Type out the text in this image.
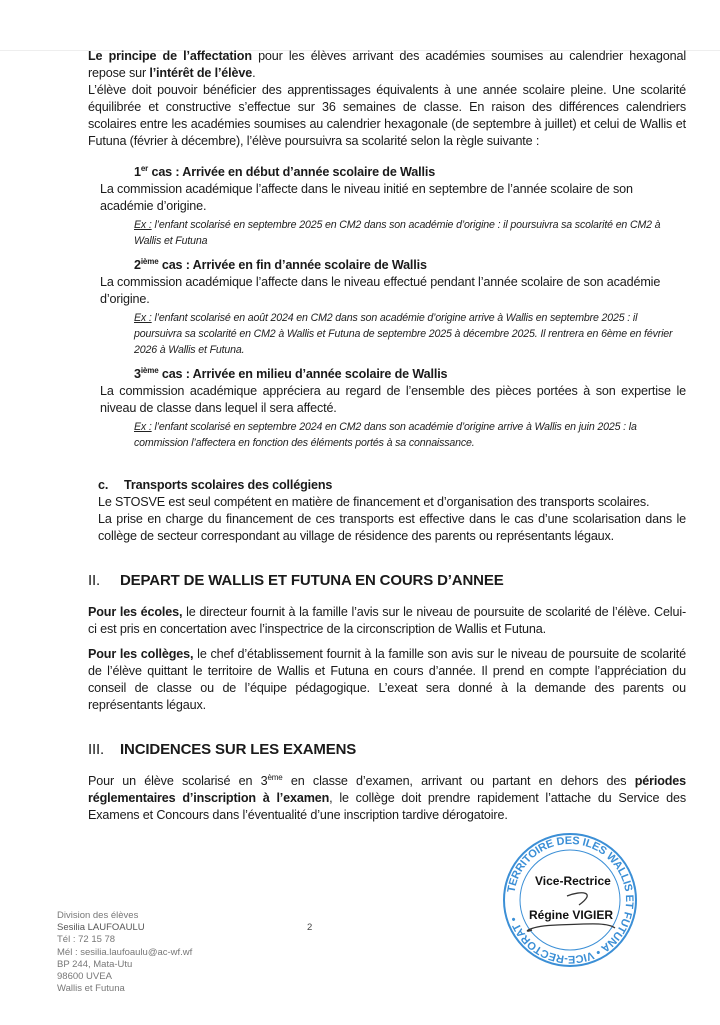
Le principe de l’affectation pour les élèves arrivant des académies soumises au calendrier hexagonal repose sur l’intérêt de l’élève.
L’élève doit pouvoir bénéficier des apprentissages équivalents à une année scolaire pleine. Une scolarité équilibrée et constructive s’effectue sur 36 semaines de classe. En raison des différences calendriers scolaires entre les académies soumises au calendrier hexagonale (de septembre à juillet) et celui de Wallis et Futuna (février à décembre), l’élève poursuivra sa scolarité selon la règle suivante :
1er cas : Arrivée en début d’année scolaire de Wallis
La commission académique l’affecte dans le niveau initié en septembre de l’année scolaire de son académie d’origine.
Ex : l’enfant scolarisé en septembre 2025 en CM2 dans son académie d’origine : il poursuivra sa scolarité en CM2 à Wallis et Futuna
2ième cas : Arrivée en fin d’année scolaire de Wallis
La commission académique l’affecte dans le niveau effectué pendant l’année scolaire de son académie d’origine.
Ex : l’enfant scolarisé en août 2024 en CM2 dans son académie d’origine arrive à Wallis en septembre 2025 : il poursuivra sa scolarité en CM2 à Wallis et Futuna de septembre 2025 à décembre 2025. Il rentrera en 6ème en février 2026 à Wallis et Futuna.
3ième cas : Arrivée en milieu d’année scolaire de Wallis
La commission académique appréciera au regard de l’ensemble des pièces portées à son expertise le niveau de classe dans lequel il sera affecté.
Ex : l’enfant scolarisé en septembre 2024 en CM2 dans son académie d’origine arrive à Wallis en juin 2025 : la commission l’affectera en fonction des éléments portés à sa connaissance.
c. Transports scolaires des collégiens
Le STOSVE est seul compétent en matière de financement et d’organisation des transports scolaires.
La prise en charge du financement de ces transports est effective dans le cas d’une scolarisation dans le collège de secteur correspondant au village de résidence des parents ou représentants légaux.
II. DEPART DE WALLIS ET FUTUNA EN COURS D’ANNEE
Pour les écoles, le directeur fournit à la famille l’avis sur le niveau de poursuite de scolarité de l’élève. Celui-ci est pris en concertation avec l’inspectrice de la circonscription de Wallis et Futuna.
Pour les collèges, le chef d’établissement fournit à la famille son avis sur le niveau de poursuite de scolarité de l’élève quittant le territoire de Wallis et Futuna en cours d’année. Il prend en compte l’appréciation du conseil de classe ou de l’équipe pédagogique. L’exeat sera donné à la demande des parents ou représentants légaux.
III. INCIDENCES SUR LES EXAMENS
Pour un élève scolarisé en 3ème en classe d’examen, arrivant ou partant en dehors des périodes réglementaires d’inscription à l’examen, le collège doit prendre rapidement l’attache du Service des Examens et Concours dans l’éventualité d’une inscription tardive dérogatoire.
Division des élèves
Sesilia LAUFOAULU
Tél : 72 15 78
Mél : sesilia.laufoaulu@ac-wf.wf
BP 244, Mata-Utu
98600 UVEA
Wallis et Futuna
2
TERRITOIRE DES ILES WALLIS ET FUTUNA • VICE-RECTORAT •
Vice-Rectrice
Régine VIGIER
